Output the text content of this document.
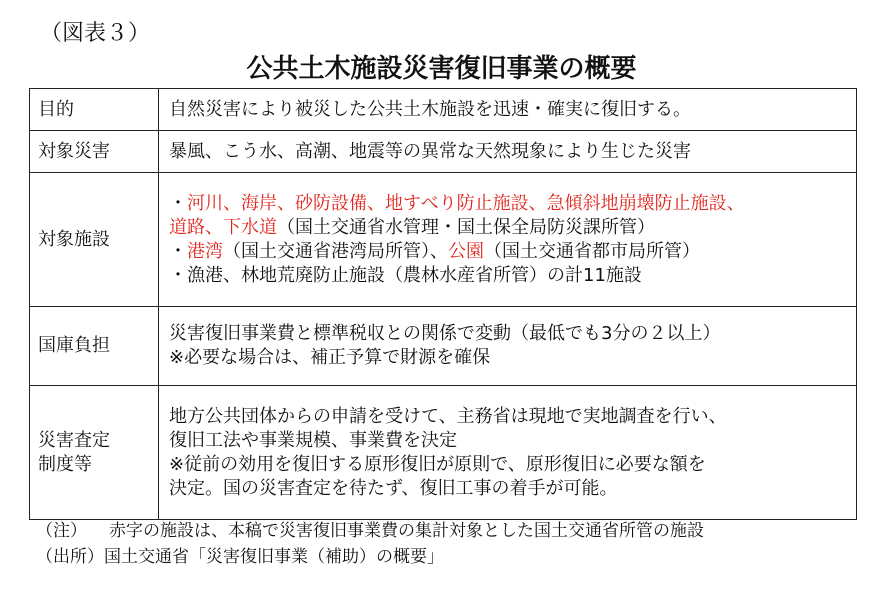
（図表３）
公共土木施設災害復旧事業の概要
目的	自然災害により被災した公共土木施設を迅速・確実に復旧する。

対象災害	暴風、こう水、高潮、地震等の異常な天然現象により生じた災害

対象施設	・河川、海岸、砂防設備、地すべり防止施設、急傾斜地崩壊防止施設、
道路、下水道（国土交通省水管理・国土保全局防災課所管）
・港湾（国土交通省港湾局所管）、公園（国土交通省都市局所管）
・漁港、林地荒廃防止施設（農林水産省所管）の計11施設

国庫負担	災害復旧事業費と標準税収との関係で変動（最低でも3分の２以上）
※必要な場合は、補正予算で財源を確保

災害査定
制度等	地方公共団体からの申請を受けて、主務省は現地で実地調査を行い、
復旧工法や事業規模、事業費を決定
※従前の効用を復旧する原形復旧が原則で、原形復旧に必要な額を
決定。国の災害査定を待たず、復旧工事の着手が可能。
（注） 赤字の施設は、本稿で災害復旧事業費の集計対象とした国土交通省所管の施設
（出所）国土交通省「災害復旧事業（補助）の概要」
